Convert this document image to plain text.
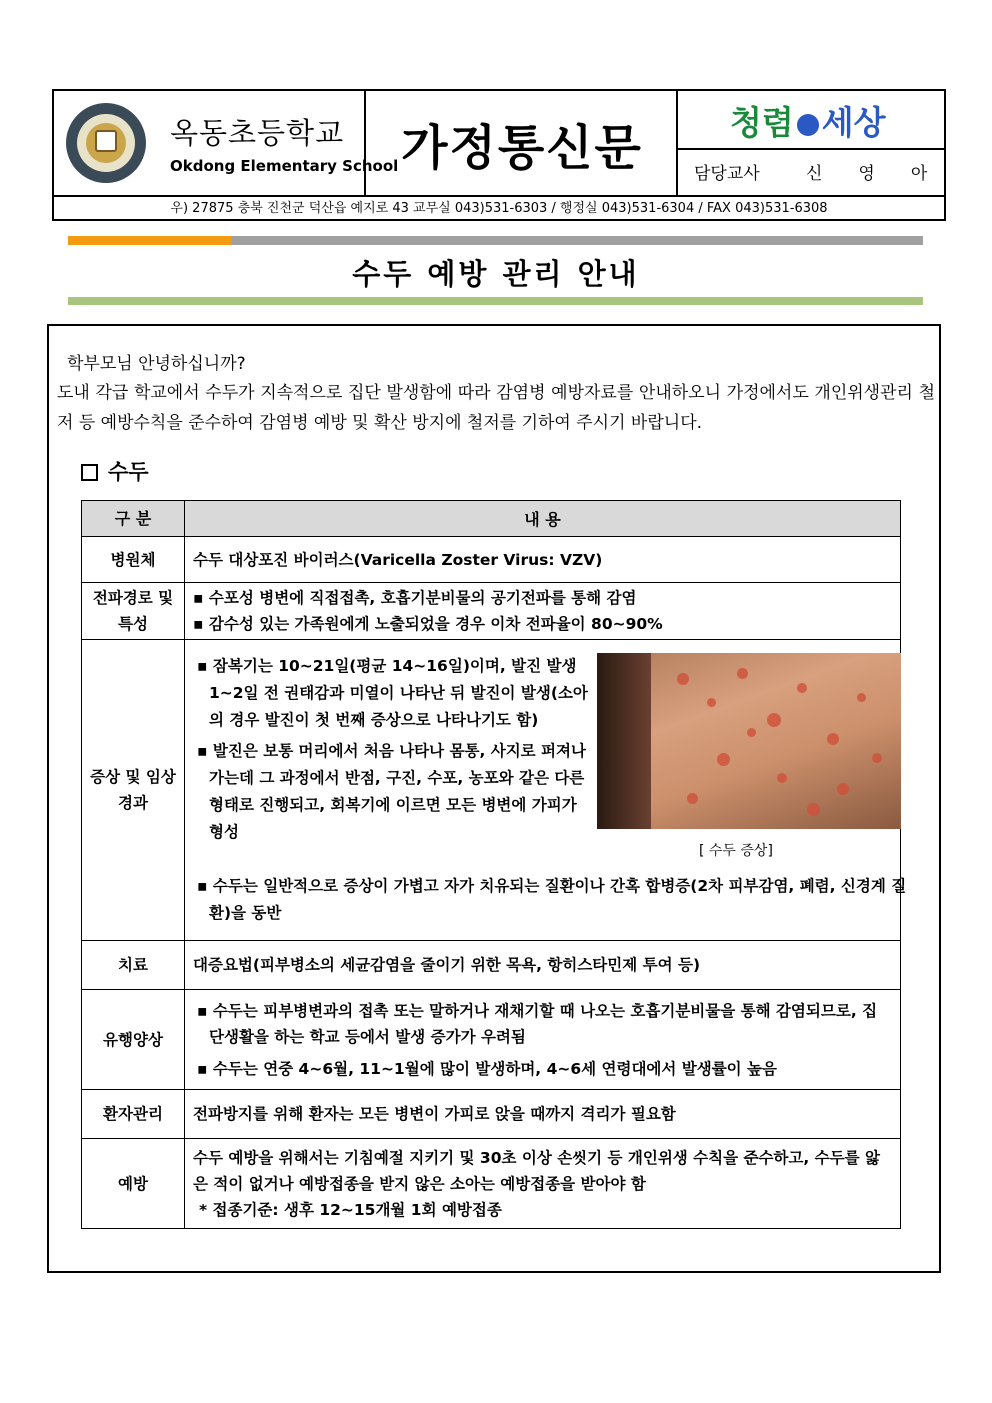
옥동초등학교
Okdong Elementary School 가정통신문	청렴 세상
담당교사	신영아
우) 27875 충북 진천군 덕산읍 예지로 43 교무실 043)531-6303 / 행정실 043)531-6304 / FAX 043)531-6308
수두 예방 관리 안내
학부모님 안녕하십니까?
도내 각급 학교에서 수두가 지속적으로 집단 발생함에 따라 감염병 예방자료를 안내하오니 가정에서도 개인위생관리 철저 등 예방수칙을 준수하여 감염병 예방 및 확산 방지에 철저를 기하여 주시기 바랍니다.
수두
구 분	내 용
병원체	수두 대상포진 바이러스(Varicella Zoster Virus: VZV)
전파경로 및 특성	▪ 수포성 병변에 직접접촉, 호흡기분비물의 공기전파를 통해 감염
▪ 감수성 있는 가족원에게 노출되었을 경우 이차 전파율이 80~90%

증상 및 임상경과	▪ 잠복기는 10~21일(평균 14~16일)이며, 발진 발생 1~2일 전 권태감과 미열이 나타난 뒤 발진이 발생(소아의 경우 발진이 첫 번째 증상으로 나타나기도 함)
▪ 발진은 보통 머리에서 처음 나타나 몸통, 사지로 퍼져나가는데 그 과정에서 반점, 구진, 수포, 농포와 같은 다른 형태로 진행되고, 회복기에 이르면 모든 병변에 가피가 형성
[ 수두 증상]
▪ 수두는 일반적으로 증상이 가볍고 자가 치유되는 질환이나 간혹 합병증(2차 피부감염, 폐렴, 신경계 질환)을 동반

치료	대증요법(피부병소의 세균감염을 줄이기 위한 목욕, 항히스타민제 투여 등)
유행양상	▪ 수두는 피부병변과의 접촉 또는 말하거나 재채기할 때 나오는 호흡기분비물을 통해 감염되므로, 집단생활을 하는 학교 등에서 발생 증가가 우려됨
▪ 수두는 연중 4~6월, 11~1월에 많이 발생하며, 4~6세 연령대에서 발생률이 높음

환자관리	전파방지를 위해 환자는 모든 병변이 가피로 앉을 때까지 격리가 필요함
예방	수두 예방을 위해서는 기침예절 지키기 및 30초 이상 손씻기 등 개인위생 수칙을 준수하고, 수두를 앓은 적이 없거나 예방접종을 받지 않은 소아는 예방접종을 받아야 함
* 접종기준: 생후 12~15개월 1회 예방접종
